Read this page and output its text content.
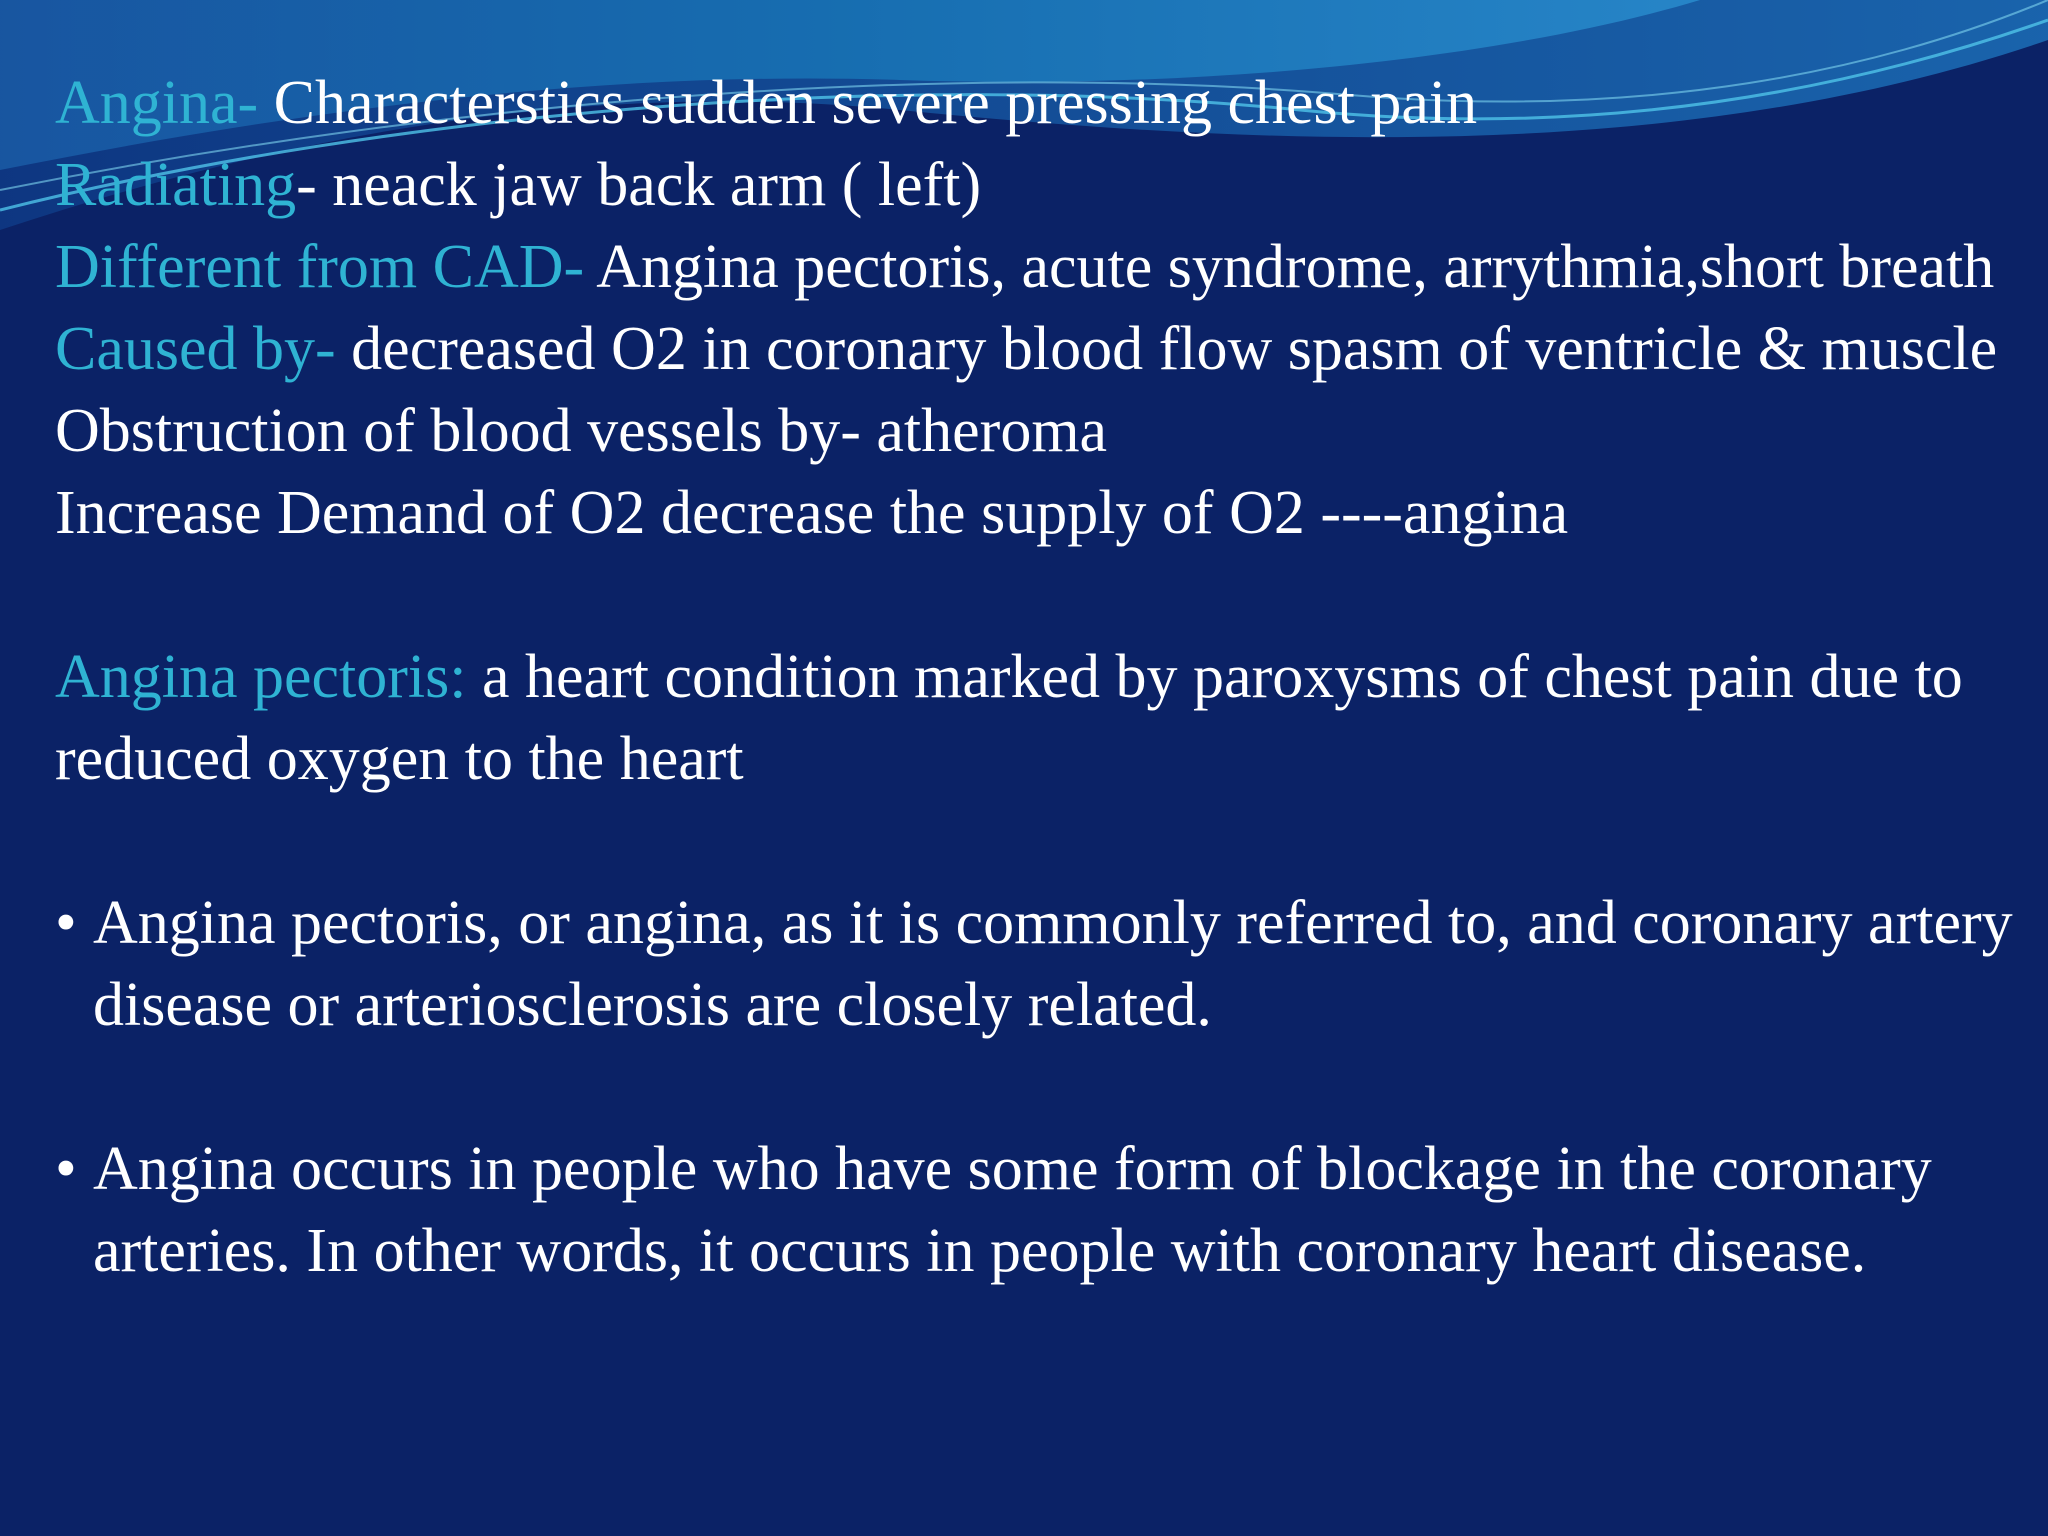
Angina- Characterstics sudden severe pressing chest pain

Radiating- neack jaw back arm ( left)

Different from CAD- Angina pectoris, acute syndrome, arrythmia,short breath

Caused by- decreased O2 in coronary blood flow spasm of ventricle & muscle

Obstruction of blood vessels by- atheroma

Increase Demand of O2 decrease the supply of O2 ----angina

Angina pectoris: a heart condition marked by paroxysms of chest pain due to reduced oxygen to the heart

• Angina pectoris, or angina, as it is commonly referred to, and coronary artery disease or arteriosclerosis are closely related.

• Angina occurs in people who have some form of blockage in the coronary arteries. In other words, it occurs in people with coronary heart disease.
